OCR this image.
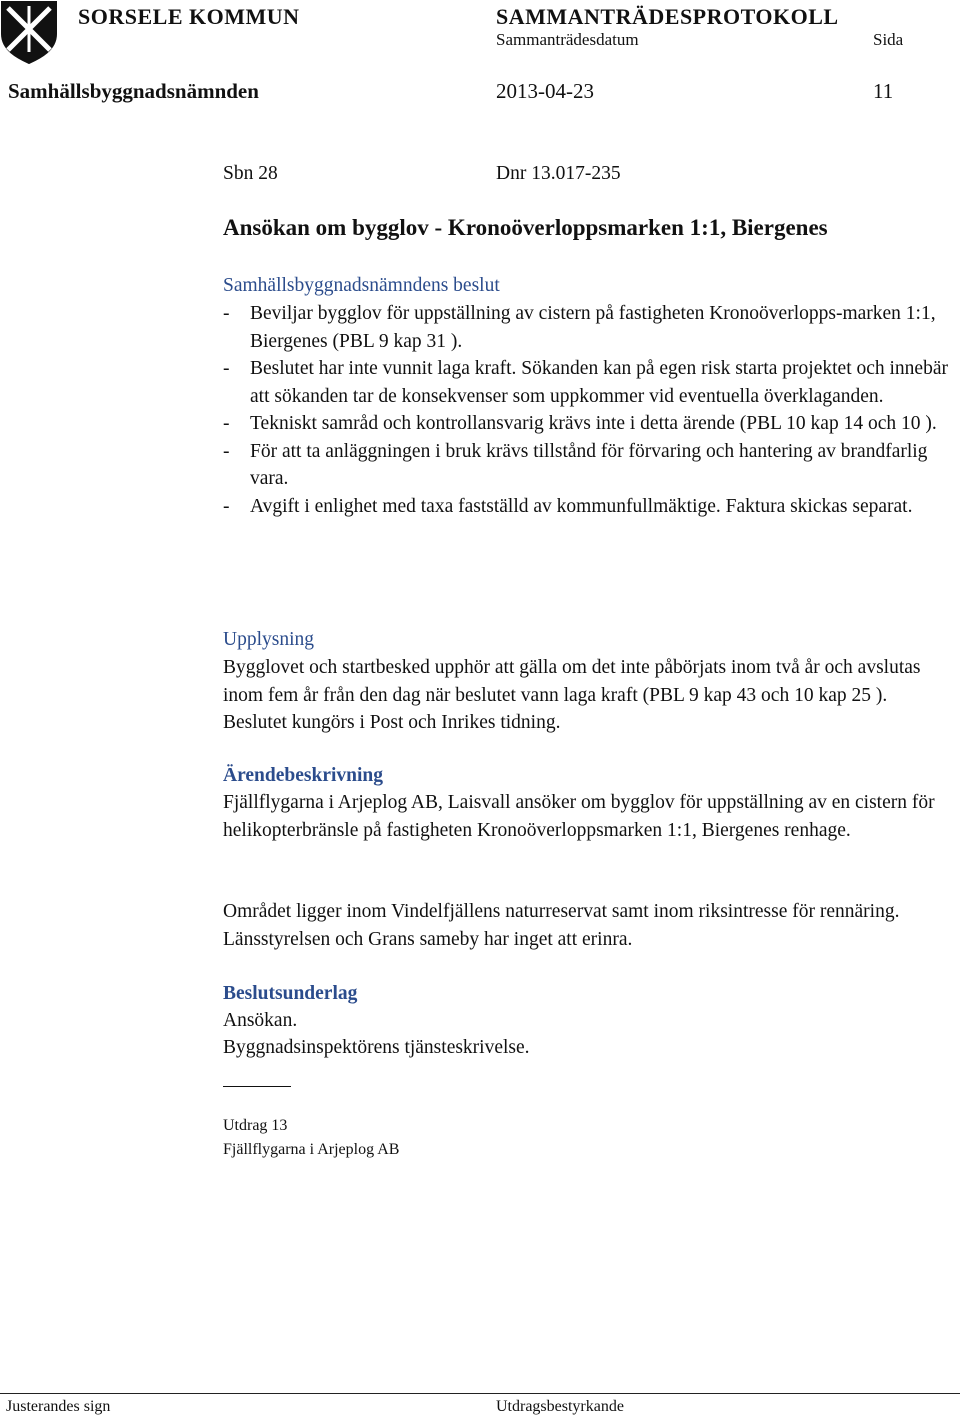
SORSELE KOMMUN	SAMMANTRÄDESPROTOKOLL
Sammanträdesdatum	Sida
Samhällsbyggnadsnämnden	2013-04-23	11
Sbn 28	Dnr 13.017-235
Ansökan om bygglov - Kronoöverloppsmarken 1:1, Biergenes
Samhällsbyggnadsnämndens beslut
- Beviljar bygglov för uppställning av cistern på fastigheten Kronoöverlopps-marken 1:1, Biergenes (PBL 9 kap 31 ).
- Beslutet har inte vunnit laga kraft. Sökanden kan på egen risk starta projektet och innebär att sökanden tar de konsekvenser som uppkommer vid eventuella överklaganden.
- Tekniskt samråd och kontrollansvarig krävs inte i detta ärende (PBL 10 kap 14 och 10 ).
- För att ta anläggningen i bruk krävs tillstånd för förvaring och hantering av brandfarlig vara.
- Avgift i enlighet med taxa fastställd av kommunfullmäktige. Faktura skickas separat.
Upplysning
Bygglovet och startbesked upphör att gälla om det inte påbörjats inom två år och avslutas inom fem år från den dag när beslutet vann laga kraft (PBL 9 kap 43 och 10 kap 25 ). Beslutet kungörs i Post och Inrikes tidning.
Ärendebeskrivning
Fjällflygarna i Arjeplog AB, Laisvall ansöker om bygglov för uppställning av en cistern för helikopterbränsle på fastigheten Kronoöverloppsmarken 1:1, Biergenes renhage.
Området ligger inom Vindelfjällens naturreservat samt inom riksintresse för rennäring. Länsstyrelsen och Grans sameby har inget att erinra.
Beslutsunderlag
Ansökan.
Byggnadsinspektörens tjänsteskrivelse.
Utdrag 13
Fjällflygarna i Arjeplog AB
Justerandes sign	Utdragsbestyrkande
